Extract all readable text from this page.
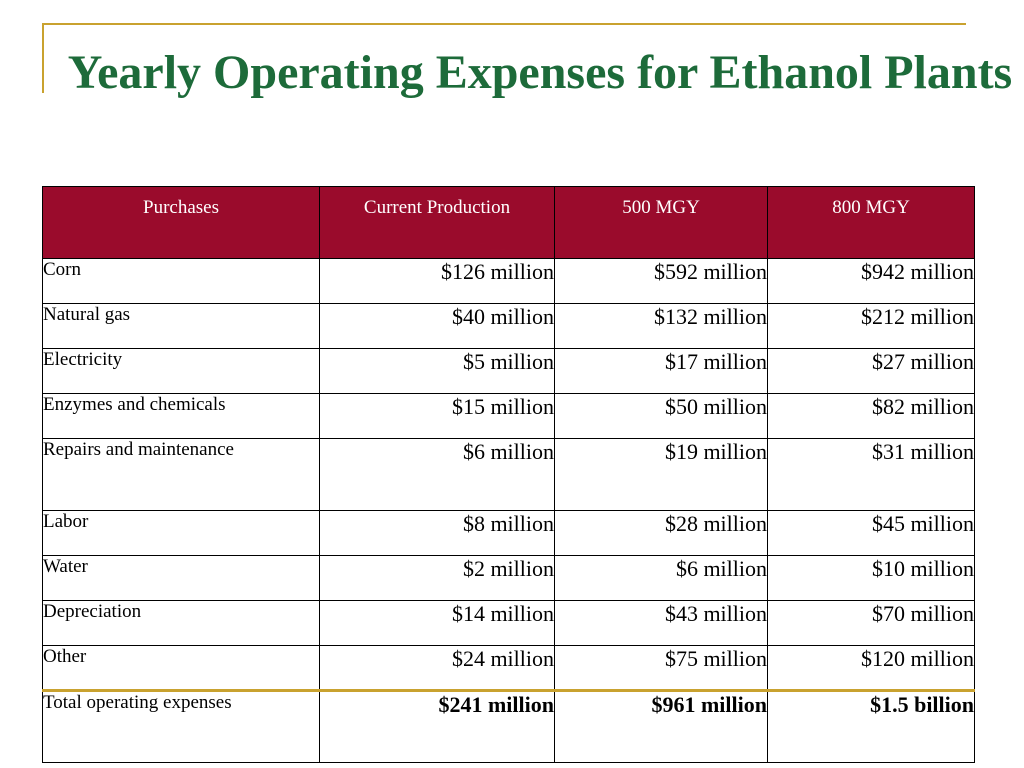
Yearly Operating Expenses for Ethanol Plants
Purchases	Current Production	500 MGY	800 MGY
Corn	$126 million	$592 million	$942 million
Natural gas	$40 million	$132 million	$212 million
Electricity	$5 million	$17 million	$27 million
Enzymes and chemicals	$15 million	$50 million	$82 million
Repairs and maintenance	$6 million	$19 million	$31 million
Labor	$8 million	$28 million	$45 million
Water	$2 million	$6 million	$10 million
Depreciation	$14 million	$43 million	$70 million
Other	$24 million	$75 million	$120 million
Total operating expenses	$241 million	$961 million	$1.5 billion
